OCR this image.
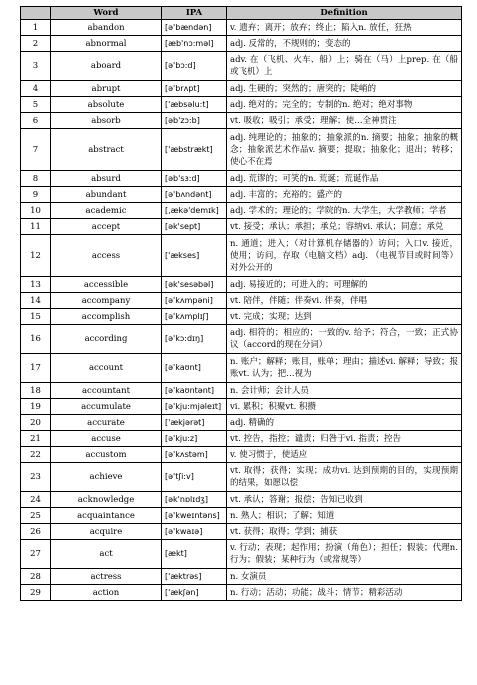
	Word	IPA	Definition
1	abandon	[ə'bændən]	v. 遗弃；离开；放弃；终止；陷入n. 放任，狂热
2	abnormal	[æb'nɔ:məl]	adj. 反常的，不规则的；变态的
3	aboard	[ə'bɔ:d]	adv. 在（飞机、火车、船）上；骑在（马）上prep. 在（船或飞机）上
4	abrupt	[ə'brʌpt]	adj. 生硬的；突然的；唐突的；陡峭的
5	absolute	['æbsəlu:t]	adj. 绝对的；完全的；专制的n. 绝对；绝对事物
6	absorb	[əb'zɔ:b]	vt. 吸收；吸引；承受；理解；使…全神贯注
7	abstract	['æbstrækt]	adj. 纯理论的；抽象的；抽象派的n. 摘要；抽象；抽象的概念；抽象派艺术作品v. 摘要；提取；抽象化；退出；转移；使心不在焉
8	absurd	[əb'sɜ:d]	adj. 荒谬的；可笑的n. 荒诞；荒诞作品
9	abundant	[ə'bʌndənt]	adj. 丰富的；充裕的；盛产的
10	academic	[,ækə'demɪk]	adj. 学术的；理论的；学院的n. 大学生，大学教师；学者
11	accept	[ək'sept]	vt. 接受；承认；承担；承兑；容纳vi. 承认；同意；承兑
12	access	['ækses]	n. 通道；进入；（对计算机存储器的）访问；入口v. 接近，使用；访问，存取（电脑文档）adj. （电视节目或时间等）对外公开的
13	accessible	[ək'sesəbəl]	adj. 易接近的；可进入的；可理解的
14	accompany	[ə'kʌmpəni]	vt. 陪伴，伴随；伴奏vi. 伴奏，伴唱
15	accomplish	[ə'kʌmplɪʃ]	vt. 完成；实现；达到
16	according	[ə'kɔ:dɪŋ]	adj. 相符的；相应的；一致的v. 给予；符合，一致；正式协议（accord的现在分词）
17	account	[ə'kaʊnt]	n. 账户；解释；账目，账单；理由；描述vi. 解释；导致；报账vt. 认为；把…视为
18	accountant	[ə'kaʊntənt]	n. 会计师；会计人员
19	accumulate	[ə'kju:mjəleɪt]	vi. 累积；积聚vt. 积攒
20	accurate	['ækjərət]	adj. 精确的
21	accuse	[ə'kju:z]	vt. 控告，指控；谴责；归咎于vi. 指责；控告
22	accustom	[ə'kʌstəm]	v. 使习惯于，使适应
23	achieve	[ə'tʃi:v]	vt. 取得；获得；实现；成功vi. 达到预期的目的，实现预期的结果，如愿以偿
24	acknowledge	[ək'nɒlɪdʒ]	vt. 承认；答谢；报偿；告知已收到
25	acquaintance	[ə'kweɪntəns]	n. 熟人；相识；了解；知道
26	acquire	[ə'kwaɪə]	vt. 获得；取得；学到；捕获
27	act	[ækt]	v. 行动；表现；起作用；扮演（角色）；担任；假装；代理n. 行为；假装；某种行为（或常规等）
28	actress	['æktrəs]	n. 女演员
29	action	['ækʃən]	n. 行动；活动；功能；战斗；情节；精彩活动
